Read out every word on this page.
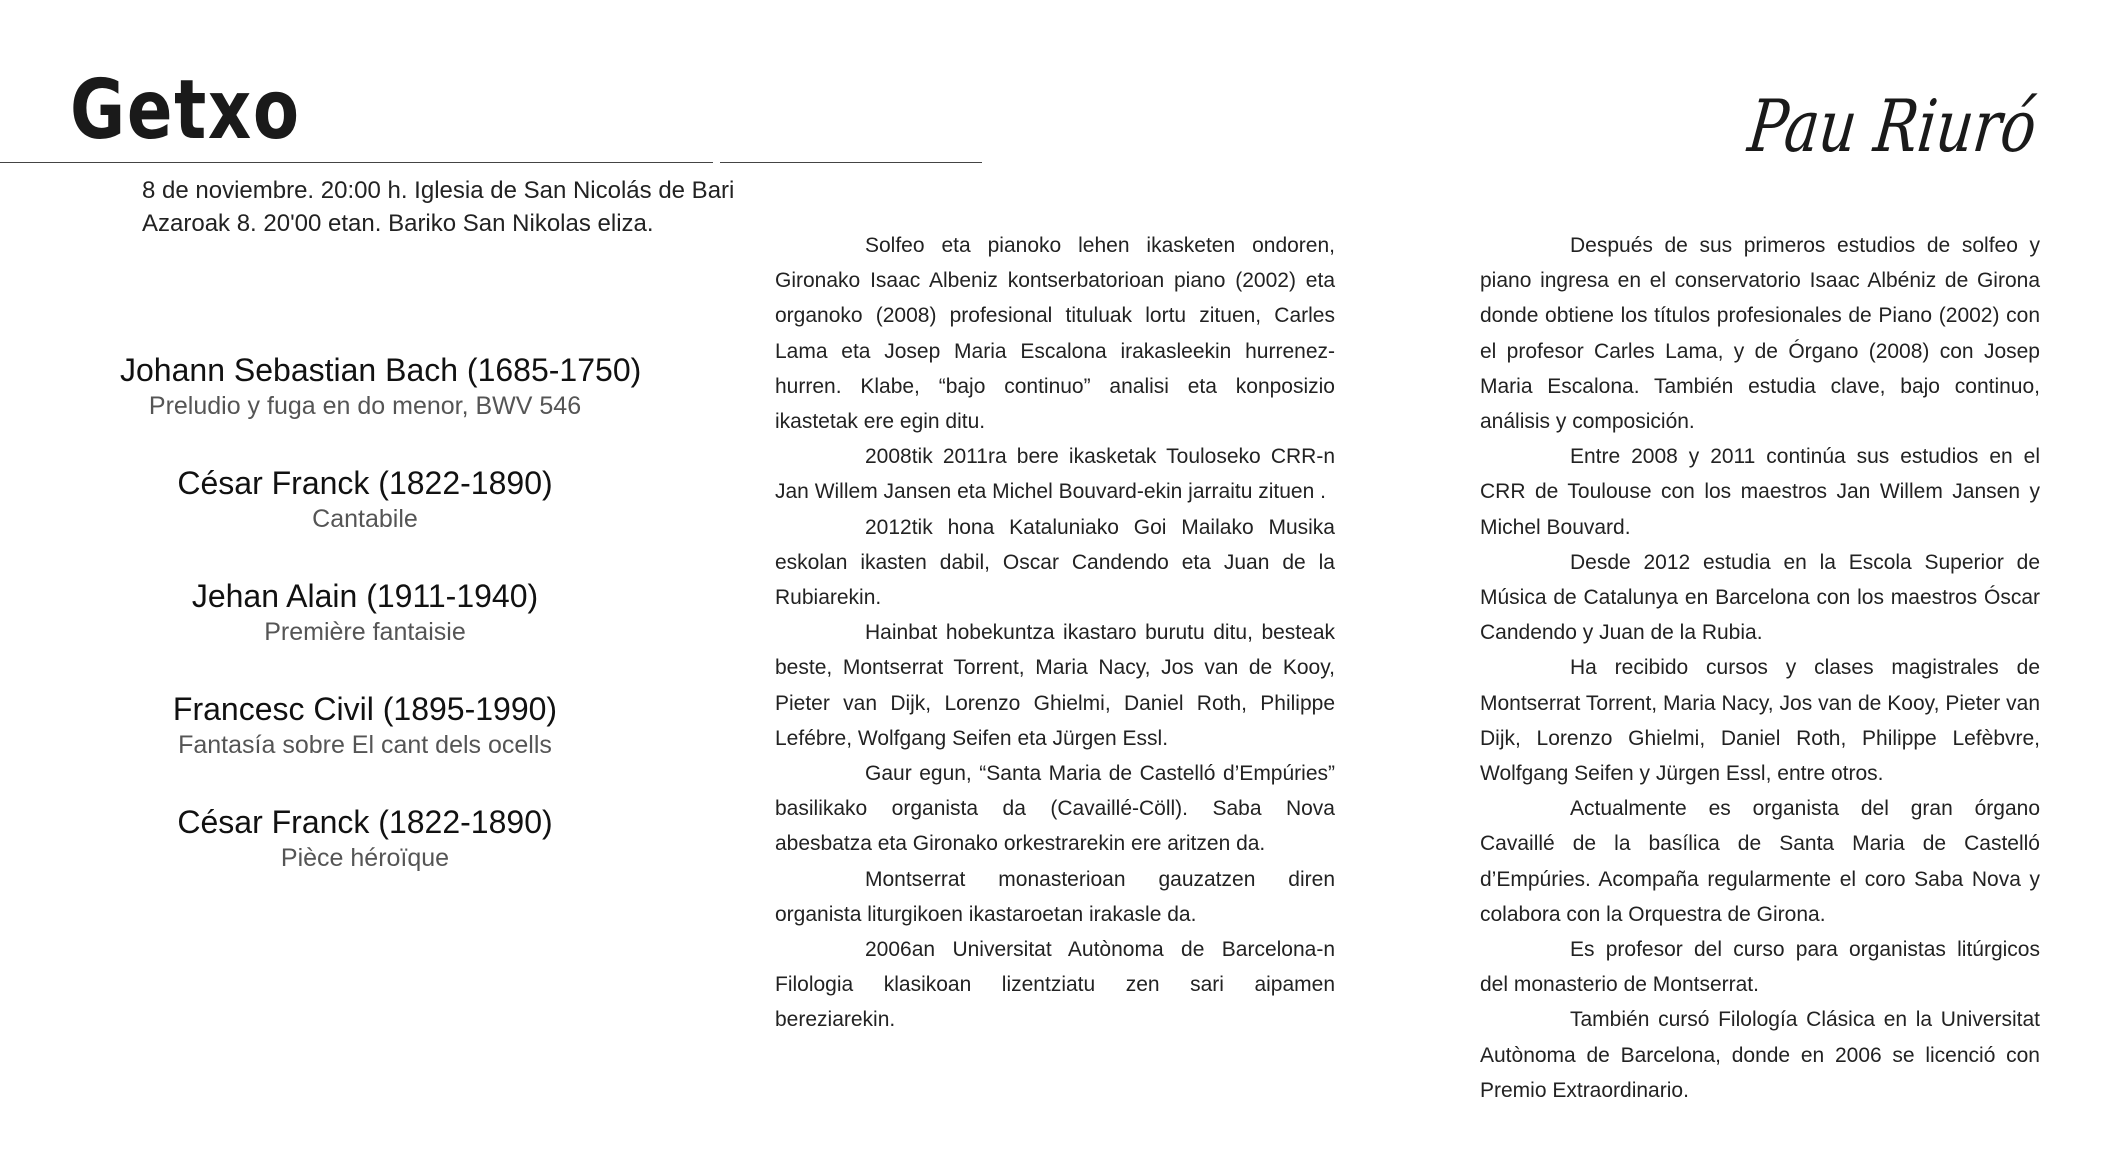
Getxo	Pau Riuró
8 de noviembre. 20:00 h. Iglesia de San Nicolás de Bari
Azaroak 8. 20'00 etan. Bariko San Nikolas eliza.
Johann Sebastian Bach (1685-1750)
Preludio y fuga en do menor, BWV 546
César Franck (1822-1890)
Cantabile
Jehan Alain (1911-1940)
Première fantaisie
Francesc Civil (1895-1990)
Fantasía sobre El cant dels ocells
César Franck (1822-1890)
Pièce héroïque

Solfeo eta pianoko lehen ikasketen ondoren, Gironako Isaac Albeniz kontserbatorioan piano (2002) eta organoko (2008) profesional tituluak lortu zituen, Carles Lama eta Josep Maria Escalona irakasleekin hurrenez-hurren. Klabe, “bajo continuo” analisi eta konposizio ikastetak ere egin ditu.

2008tik 2011ra bere ikasketak Touloseko CRR-n Jan Willem Jansen eta Michel Bouvard-ekin jarraitu zituen .

2012tik hona Kataluniako Goi Mailako Musika eskolan ikasten dabil, Oscar Candendo eta Juan de la Rubiarekin.

Hainbat hobekuntza ikastaro burutu ditu, besteak beste, Montserrat Torrent, Maria Nacy, Jos van de Kooy, Pieter van Dijk, Lorenzo Ghielmi, Daniel Roth, Philippe Lefébre, Wolfgang Seifen eta Jürgen Essl.

Gaur egun, “Santa Maria de Castelló d’Empúries” basilikako organista da (Cavaillé-Cöll). Saba Nova abesbatza eta Gironako orkestrarekin ere aritzen da.

Montserrat monasterioan gauzatzen diren organista liturgikoen ikastaroetan irakasle da.

2006an Universitat Autònoma de Barcelona-n Filologia klasikoan lizentziatu zen sari aipamen bereziarekin.

Después de sus primeros estudios de solfeo y piano ingresa en el conservatorio Isaac Albéniz de Girona donde obtiene los títulos profesionales de Piano (2002) con el profesor Carles Lama, y de Órgano (2008) con Josep Maria Escalona. También estudia clave, bajo continuo, análisis y composición.

Entre 2008 y 2011 continúa sus estudios en el CRR de Toulouse con los maestros Jan Willem Jansen y Michel Bouvard.

Desde 2012 estudia en la Escola Superior de Música de Catalunya en Barcelona con los maestros Óscar Candendo y Juan de la Rubia.

Ha recibido cursos y clases magistrales de Montserrat Torrent, Maria Nacy, Jos van de Kooy, Pieter van Dijk, Lorenzo Ghielmi, Daniel Roth, Philippe Lefèbvre, Wolfgang Seifen y Jürgen Essl, entre otros.

Actualmente es organista del gran órgano Cavaillé de la basílica de Santa Maria de Castelló d’Empúries. Acompaña regularmente el coro Saba Nova y colabora con la Orquestra de Girona.

Es profesor del curso para organistas litúrgicos del monasterio de Montserrat.

También cursó Filología Clásica en la Universitat Autònoma de Barcelona, donde en 2006 se licenció con Premio Extraordinario.
